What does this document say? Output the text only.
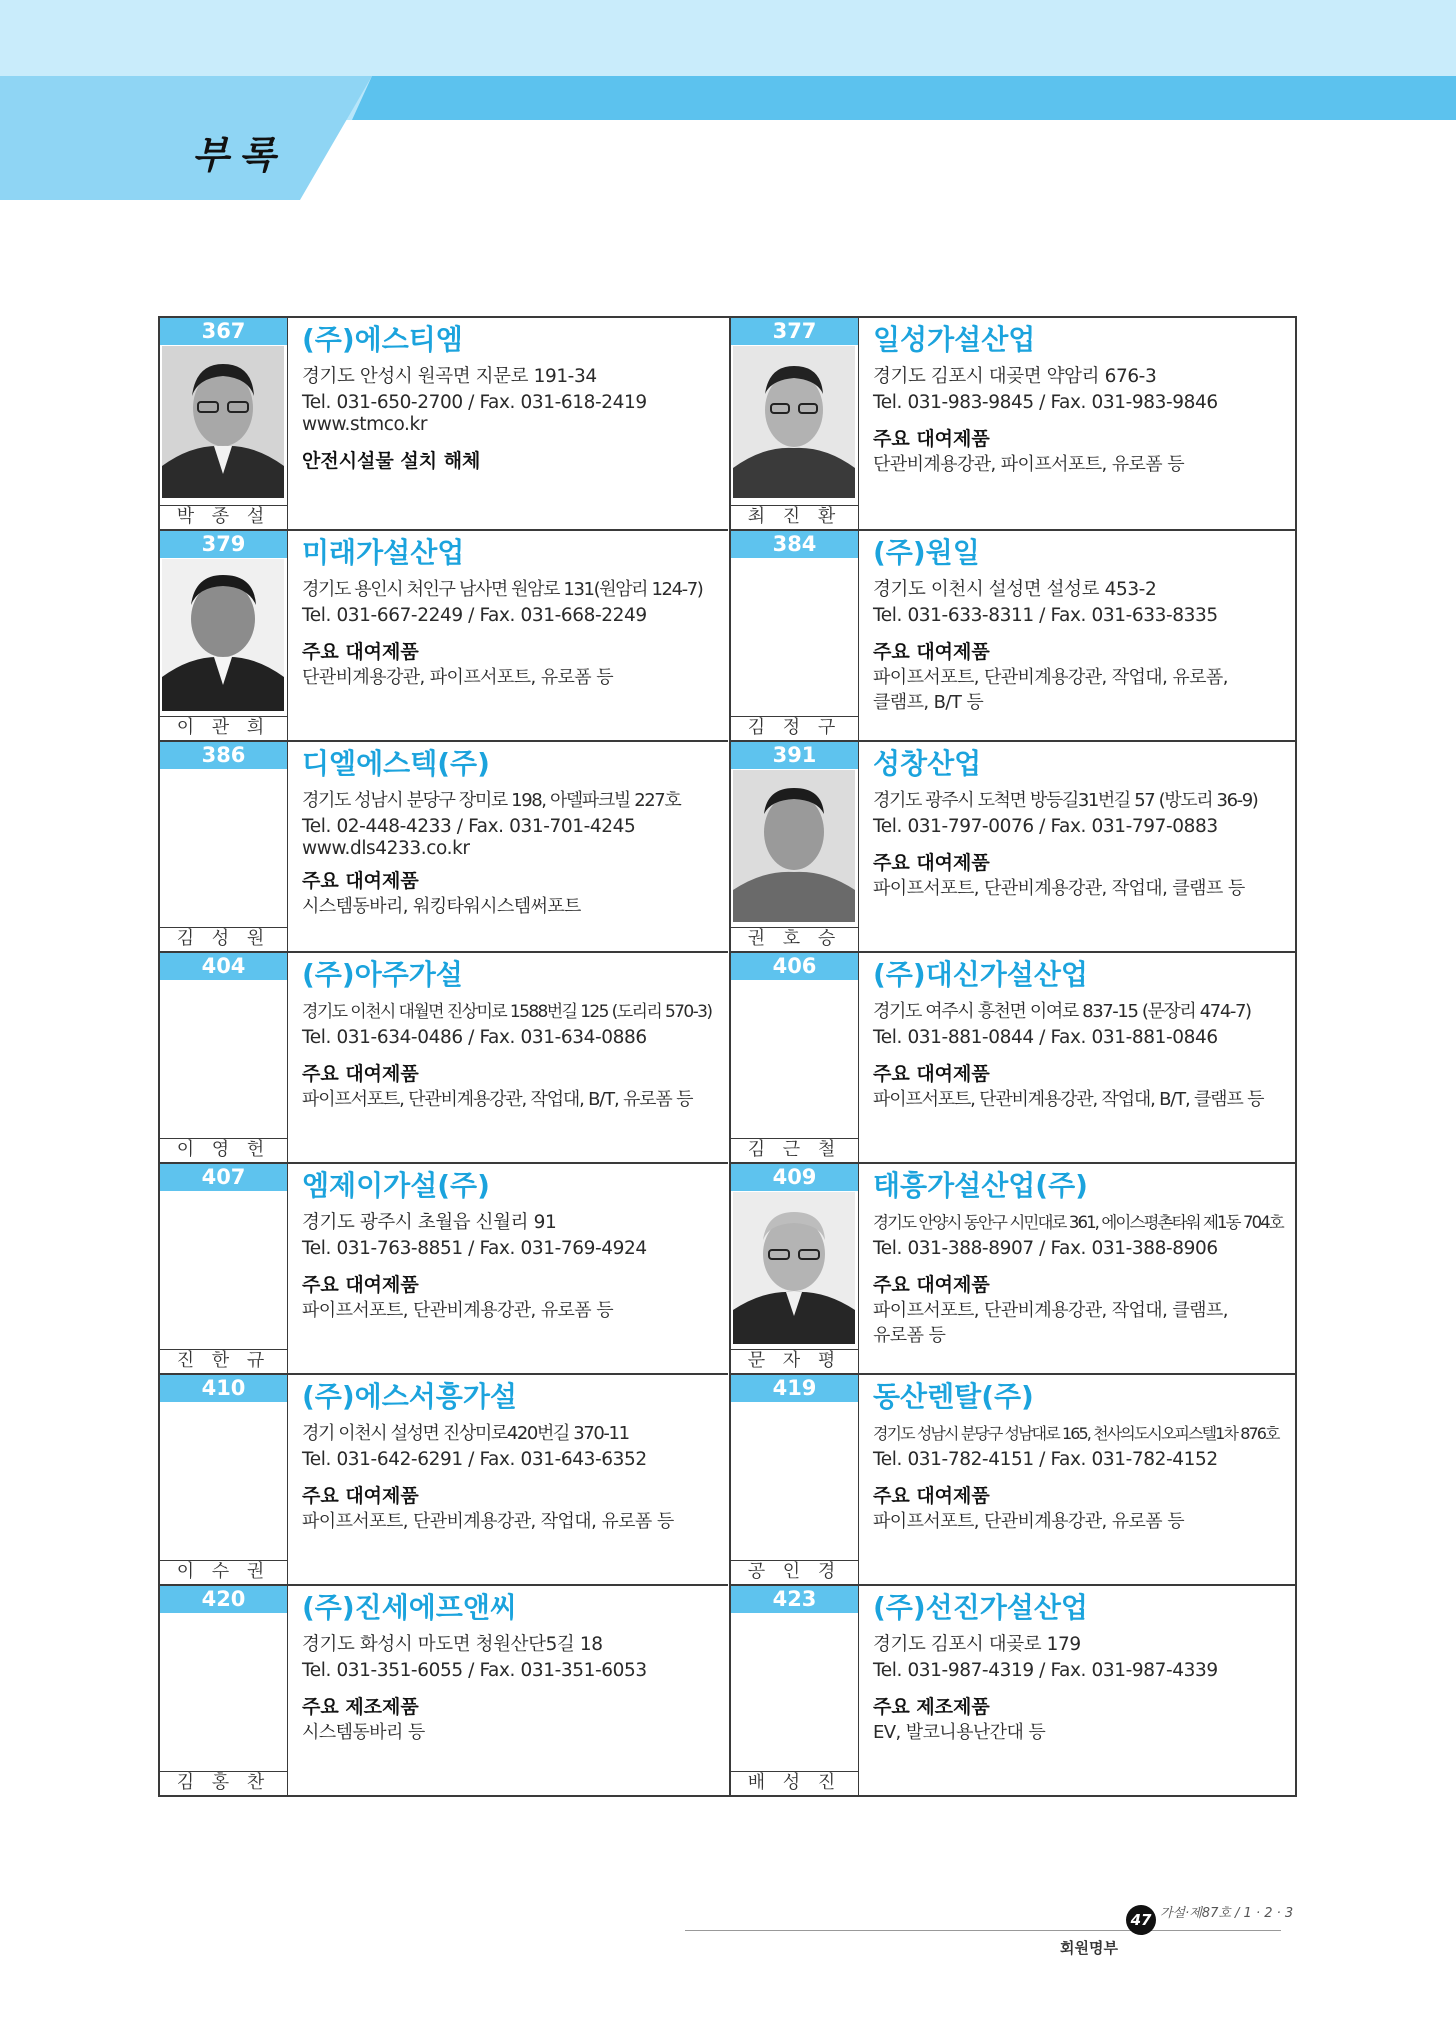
부록
367
박 종 설
(주)에스티엠
경기도 안성시 원곡면 지문로 191-34
Tel. 031-650-2700 / Fax. 031-618-2419
www.stmco.kr
안전시설물 설치 해체
377
최 진 환
일성가설산업
경기도 김포시 대곶면 약암리 676-3
Tel. 031-983-9845 / Fax. 031-983-9846
주요 대여제품
단관비계용강관, 파이프서포트, 유로폼 등
379
이 관 희
미래가설산업
경기도 용인시 처인구 남사면 원암로 131(원암리 124-7)
Tel. 031-667-2249 / Fax. 031-668-2249
주요 대여제품
단관비계용강관, 파이프서포트, 유로폼 등
384
김 정 구
(주)원일
경기도 이천시 설성면 설성로 453-2
Tel. 031-633-8311 / Fax. 031-633-8335
주요 대여제품
파이프서포트, 단관비계용강관, 작업대, 유로폼,
클램프, B/T 등
386
김 성 원
디엘에스텍(주)
경기도 성남시 분당구 장미로 198, 아델파크빌 227호
Tel. 02-448-4233 / Fax. 031-701-4245
www.dls4233.co.kr
주요 대여제품
시스템동바리, 워킹타워시스템써포트
391
권 호 승
성창산업
경기도 광주시 도척면 방등길31번길 57 (방도리 36-9)
Tel. 031-797-0076 / Fax. 031-797-0883
주요 대여제품
파이프서포트, 단관비계용강관, 작업대, 클램프 등
404
이 영 헌
(주)아주가설
경기도 이천시 대월면 진상미로 1588번길 125 (도리리 570-3)
Tel. 031-634-0486 / Fax. 031-634-0886
주요 대여제품
파이프서포트, 단관비계용강관, 작업대, B/T, 유로폼 등
406
김 근 철
(주)대신가설산업
경기도 여주시 흥천면 이여로 837-15 (문장리 474-7)
Tel. 031-881-0844 / Fax. 031-881-0846
주요 대여제품
파이프서포트, 단관비계용강관, 작업대, B/T, 클램프 등
407
진 한 규
엠제이가설(주)
경기도 광주시 초월읍 신월리 91
Tel. 031-763-8851 / Fax. 031-769-4924
주요 대여제품
파이프서포트, 단관비계용강관, 유로폼 등
409
문 자 평
태흥가설산업(주)
경기도 안양시 동안구 시민대로 361, 에이스평촌타워 제1동 704호
Tel. 031-388-8907 / Fax. 031-388-8906
주요 대여제품
파이프서포트, 단관비계용강관, 작업대, 클램프,
유로폼 등
410
이 수 권
(주)에스서흥가설
경기 이천시 설성면 진상미로420번길 370-11
Tel. 031-642-6291 / Fax. 031-643-6352
주요 대여제품
파이프서포트, 단관비계용강관, 작업대, 유로폼 등
419
공 인 경
동산렌탈(주)
경기도 성남시 분당구 성남대로 165, 천사의도시오피스텔1차 876호
Tel. 031-782-4151 / Fax. 031-782-4152
주요 대여제품
파이프서포트, 단관비계용강관, 유로폼 등
420
김 홍 찬
(주)진세에프앤씨
경기도 화성시 마도면 청원산단5길 18
Tel. 031-351-6055 / Fax. 031-351-6053
주요 제조제품
시스템동바리 등
423
배 성 진
(주)선진가설산업
경기도 김포시 대곶로 179
Tel. 031-987-4319 / Fax. 031-987-4339
주요 제조제품
EV, 발코니용난간대 등
47 가설·제87호 / 1 · 2 · 3
회원명부
